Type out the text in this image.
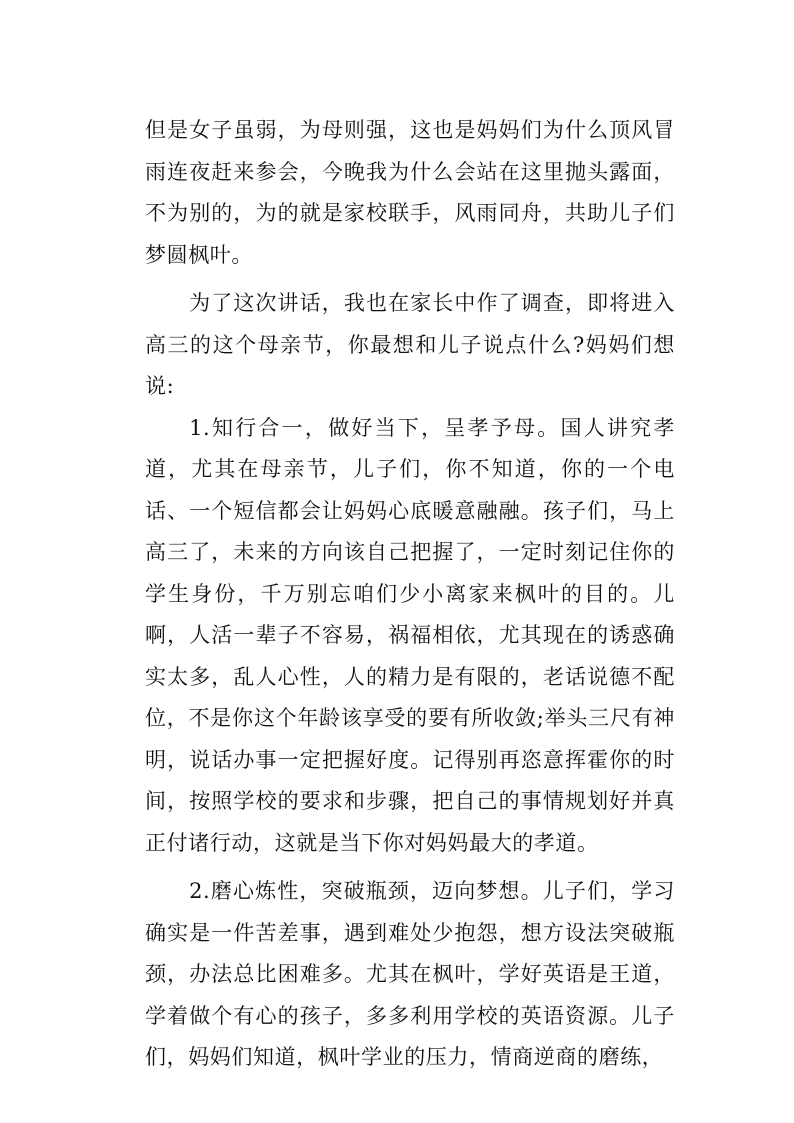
但是女子虽弱，为母则强，这也是妈妈们为什么顶风冒雨连夜赶来参会，今晚我为什么会站在这里抛头露面，不为别的，为的就是家校联手，风雨同舟，共助儿子们梦圆枫叶。

为了这次讲话，我也在家长中作了调查，即将进入高三的这个母亲节，你最想和儿子说点什么?妈妈们想说:

1.知行合一，做好当下，呈孝予母。国人讲究孝道，尤其在母亲节，儿子们，你不知道，你的一个电话、一个短信都会让妈妈心底暖意融融。孩子们，马上高三了，未来的方向该自己把握了，一定时刻记住你的学生身份，千万别忘咱们少小离家来枫叶的目的。儿啊，人活一辈子不容易，祸福相依，尤其现在的诱惑确实太多，乱人心性，人的精力是有限的，老话说德不配位，不是你这个年龄该享受的要有所收敛;举头三尺有神明，说话办事一定把握好度。记得别再恣意挥霍你的时间，按照学校的要求和步骤，把自己的事情规划好并真正付诸行动，这就是当下你对妈妈最大的孝道。

2.磨心炼性，突破瓶颈，迈向梦想。儿子们，学习确实是一件苦差事，遇到难处少抱怨，想方设法突破瓶颈，办法总比困难多。尤其在枫叶，学好英语是王道，学着做个有心的孩子，多多利用学校的英语资源。儿子们，妈妈们知道，枫叶学业的压力，情商逆商的磨练，
